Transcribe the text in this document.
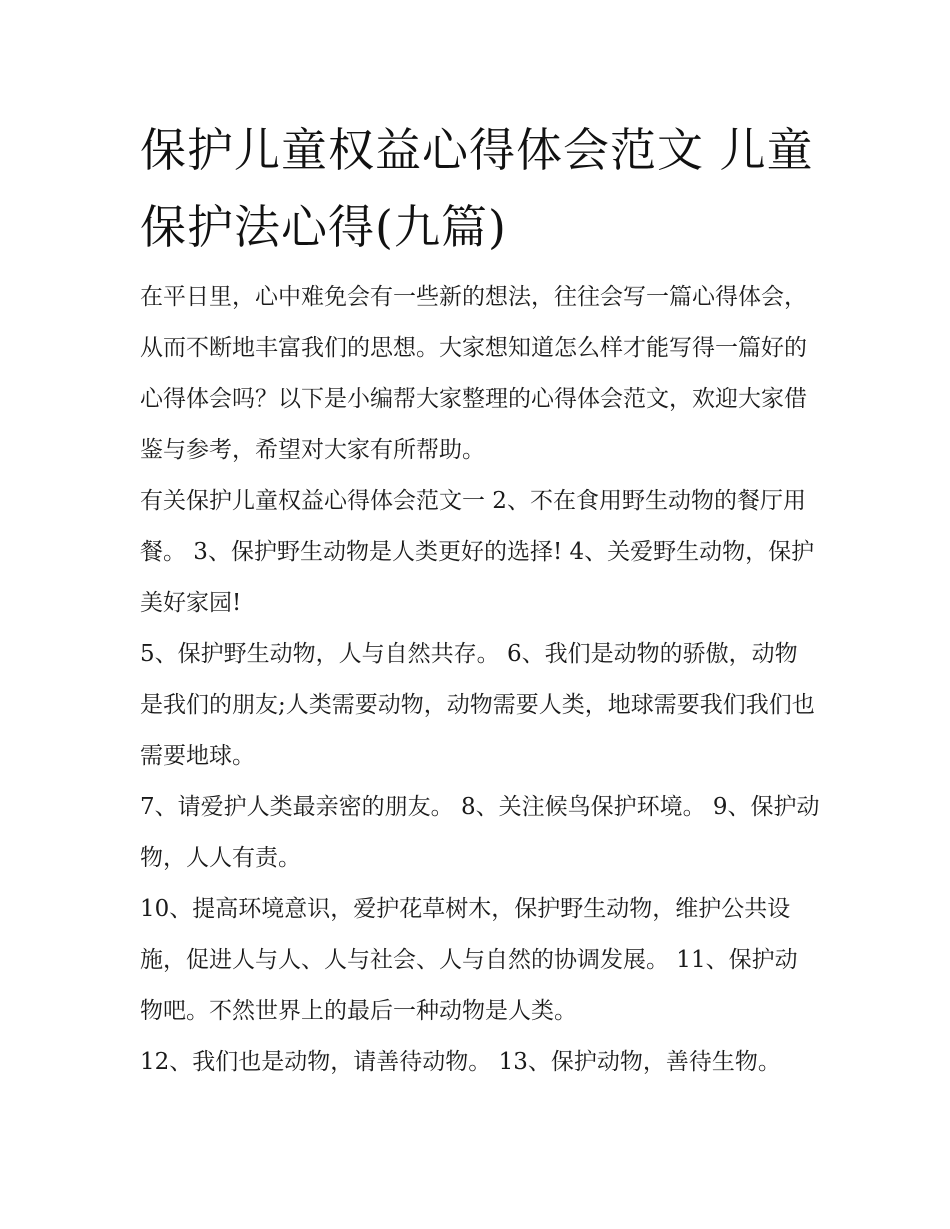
保护儿童权益心得体会范文 儿童保护法心得(九篇)

在平日里，心中难免会有一些新的想法，往往会写一篇心得体会，从而不断地丰富我们的思想。大家想知道怎么样才能写得一篇好的心得体会吗？以下是小编帮大家整理的心得体会范文，欢迎大家借鉴与参考，希望对大家有所帮助。

有关保护儿童权益心得体会范文一 2、不在食用野生动物的餐厅用餐。 3、保护野生动物是人类更好的选择! 4、关爱野生动物，保护美好家园!

5、保护野生动物，人与自然共存。 6、我们是动物的骄傲，动物是我们的朋友;人类需要动物，动物需要人类，地球需要我们我们也需要地球。

7、请爱护人类最亲密的朋友。 8、关注候鸟保护环境。 9、保护动物，人人有责。

10、提高环境意识，爱护花草树木，保护野生动物，维护公共设施，促进人与人、人与社会、人与自然的协调发展。 11、保护动物吧。不然世界上的最后一种动物是人类。

12、我们也是动物，请善待动物。 13、保护动物，善待生物。
